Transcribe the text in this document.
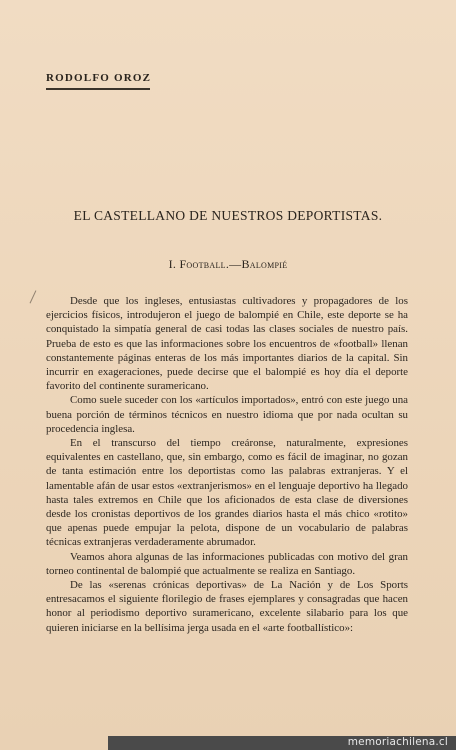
RODOLFO OROZ
EL CASTELLANO DE NUESTROS DEPORTISTAS.
I. Football.—Balompié

Desde que los ingleses, entusiastas cultivadores y propagadores de los ejercicios físicos, introdujeron el juego de balompié en Chile, este deporte se ha conquistado la simpatía general de casi todas las clases sociales de nuestro país. Prueba de esto es que las informaciones sobre los encuentros de «football» llenan constantemente páginas enteras de los más importantes diarios de la capital. Sin incurrir en exageraciones, puede decirse que el balompié es hoy día el deporte favorito del continente suramericano.

Como suele suceder con los «artículos importados», entró con este juego una buena porción de términos técnicos en nuestro idioma que por nada ocultan su procedencia inglesa.

En el transcurso del tiempo creáronse, naturalmente, expresiones equivalentes en castellano, que, sin embargo, como es fácil de imaginar, no gozan de tanta estimación entre los deportistas como las palabras extranjeras. Y el lamentable afán de usar estos «extranjerismos» en el lenguaje deportivo ha llegado hasta tales extremos en Chile que los aficionados de esta clase de diversiones desde los cronistas deportivos de los grandes diarios hasta el más chico «rotito» que apenas puede empujar la pelota, dispone de un vocabulario de palabras técnicas extranjeras verdaderamente abrumador.

Veamos ahora algunas de las informaciones publicadas con motivo del gran torneo continental de balompié que actualmente se realiza en Santiago.

De las «serenas crónicas deportivas» de La Nación y de Los Sports entresacamos el siguiente florilegio de frases ejemplares y consagradas que hacen honor al periodismo deportivo suramericano, excelente silabario para los que quieren iniciarse en la bellísima jerga usada en el «arte footballístico»:

memoriachilena.cl
